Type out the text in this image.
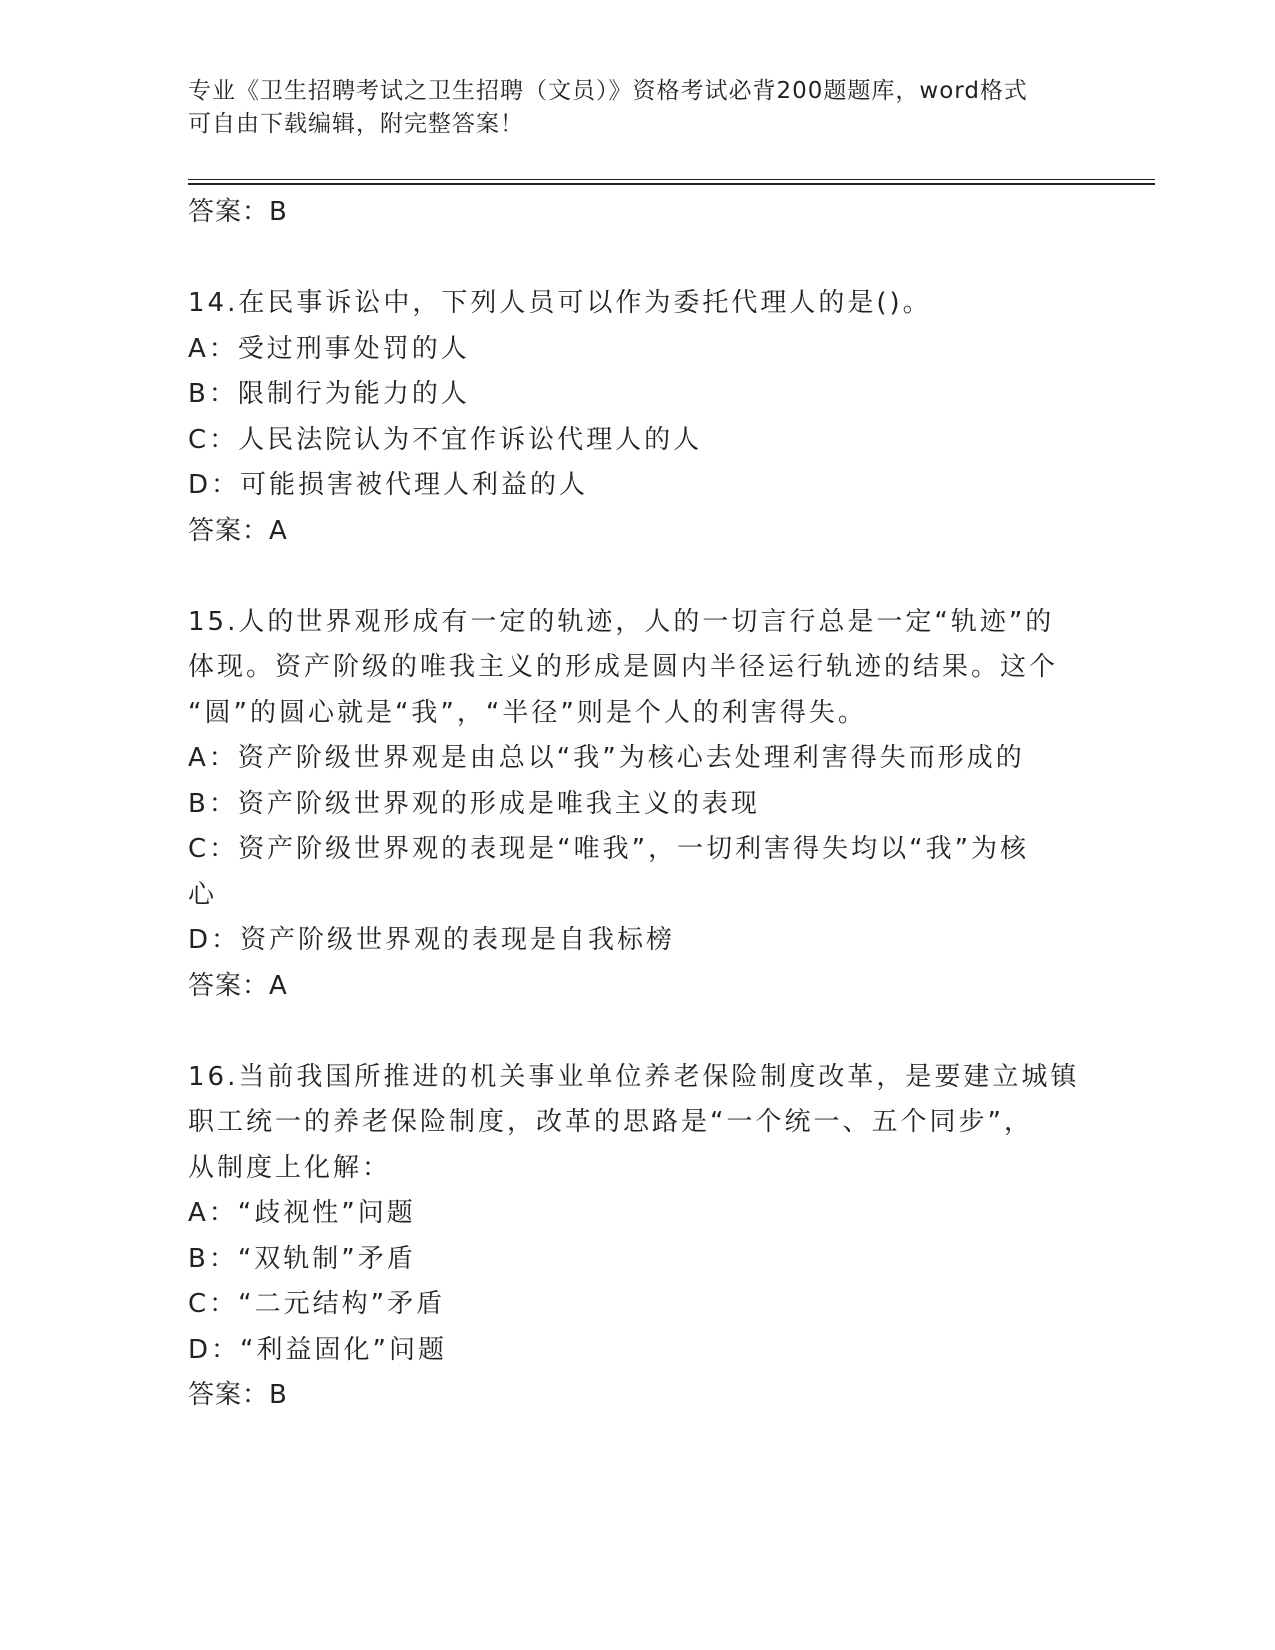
专业《卫生招聘考试之卫生招聘（文员）》资格考试必背200题题库，word格式
可自由下载编辑，附完整答案！
答案：B
14.在民事诉讼中，下列人员可以作为委托代理人的是()。
A：受过刑事处罚的人
B：限制行为能力的人
C：人民法院认为不宜作诉讼代理人的人
D：可能损害被代理人利益的人
答案：A
15.人的世界观形成有一定的轨迹，人的一切言行总是一定“轨迹”的
体现。资产阶级的唯我主义的形成是圆内半径运行轨迹的结果。这个
“圆”的圆心就是“我”，“半径”则是个人的利害得失。
A：资产阶级世界观是由总以“我”为核心去处理利害得失而形成的
B：资产阶级世界观的形成是唯我主义的表现
C：资产阶级世界观的表现是“唯我”，一切利害得失均以“我”为核
心
D：资产阶级世界观的表现是自我标榜
答案：A
16.当前我国所推进的机关事业单位养老保险制度改革，是要建立城镇
职工统一的养老保险制度，改革的思路是“一个统一、五个同步”，
从制度上化解：
A：“歧视性”问题
B：“双轨制”矛盾
C：“二元结构”矛盾
D：“利益固化”问题
答案：B
